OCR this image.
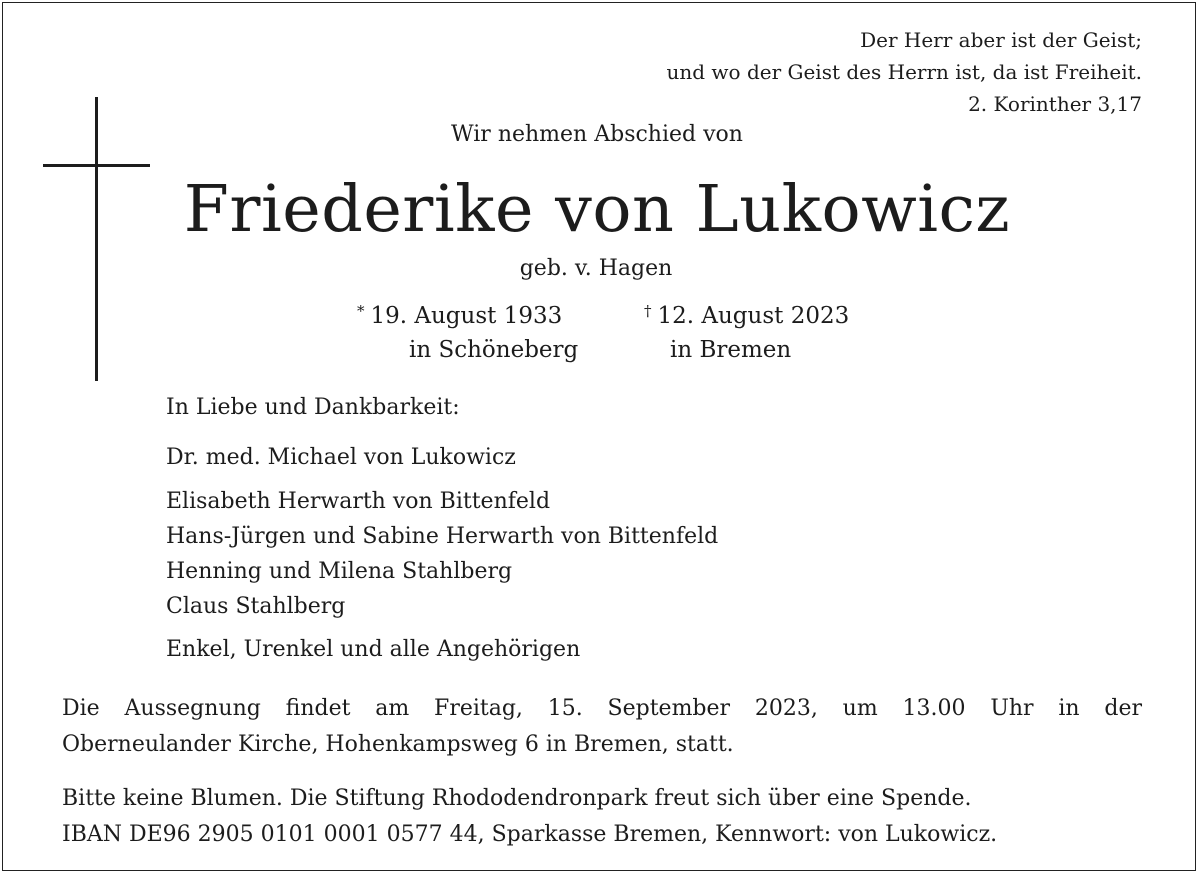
Der Herr aber ist der Geist;
und wo der Geist des Herrn ist, da ist Freiheit.
2. Korinther 3,17
Wir nehmen Abschied von
Friederike von Lukowicz
geb. v. Hagen
* 19. August 1933
in Schöneberg
† 12. August 2023
in Bremen
In Liebe und Dankbarkeit:
Dr. med. Michael von Lukowicz
Elisabeth Herwarth von Bittenfeld
Hans-Jürgen und Sabine Herwarth von Bittenfeld
Henning und Milena Stahlberg
Claus Stahlberg
Enkel, Urenkel und alle Angehörigen
Die Aussegnung findet am Freitag, 15. September 2023, um 13.00 Uhr in der
Oberneulander Kirche, Hohenkampsweg 6 in Bremen, statt.
Bitte keine Blumen. Die Stiftung Rhododendronpark freut sich über eine Spende.
IBAN DE96 2905 0101 0001 0577 44, Sparkasse Bremen, Kennwort: von Lukowicz.
